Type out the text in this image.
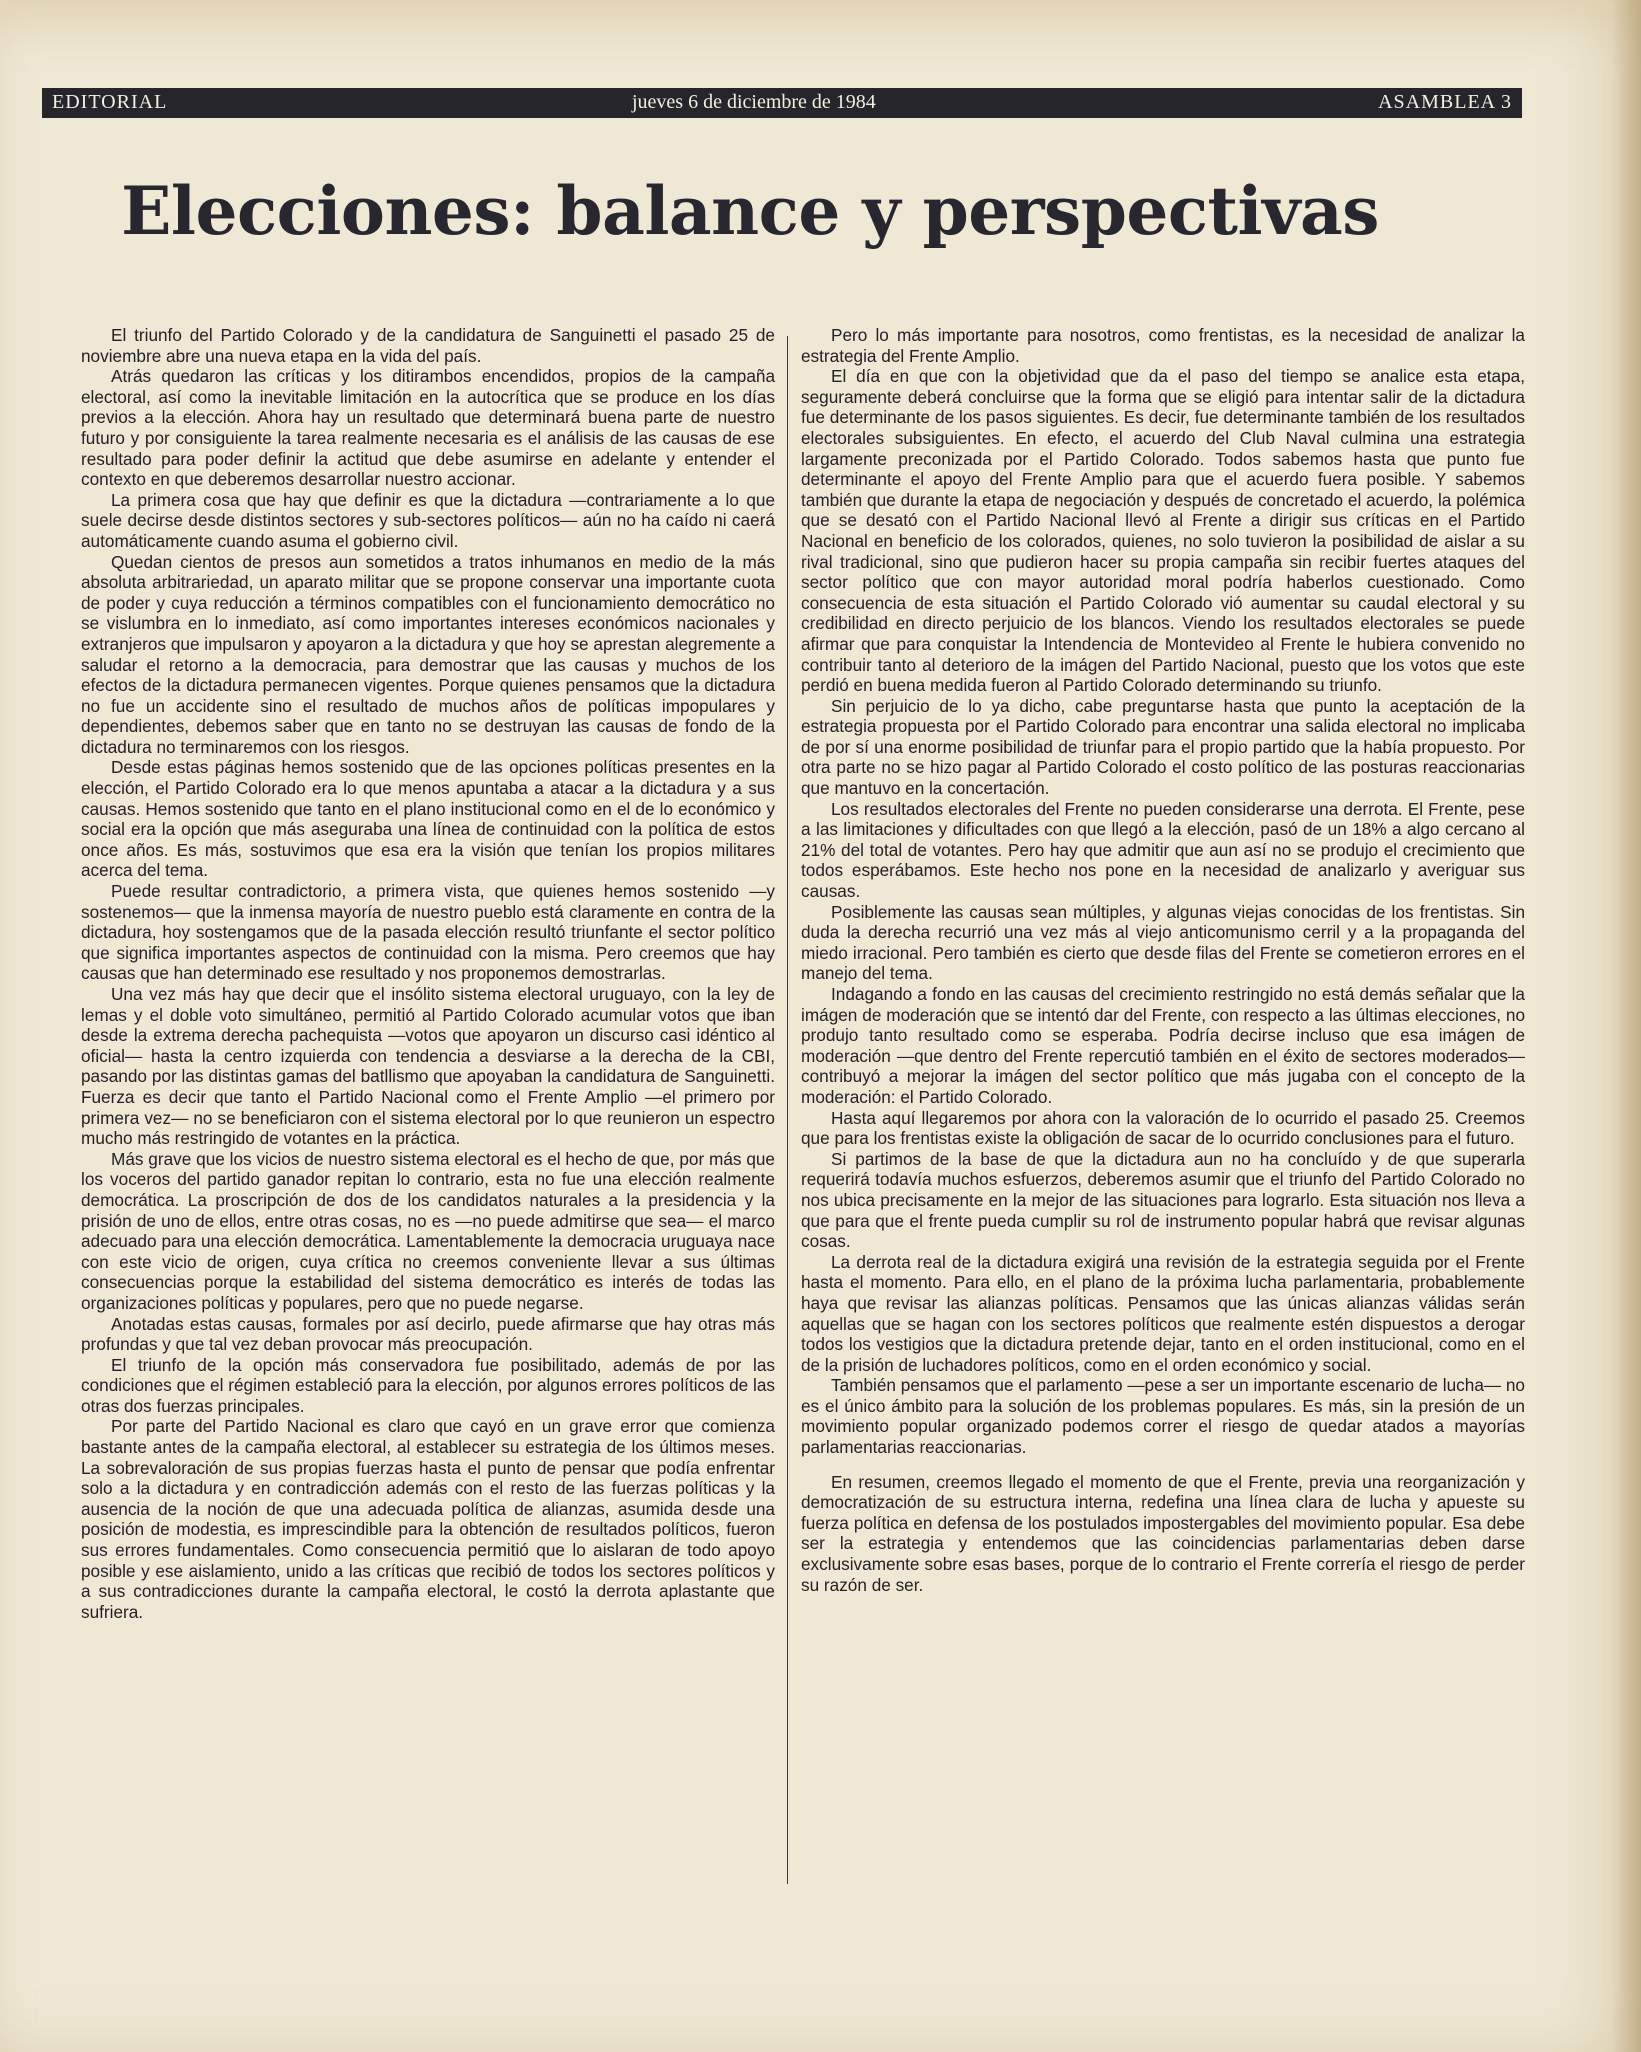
EDITORIAL	jueves 6 de diciembre de 1984	ASAMBLEA 3
Elecciones: balance y perspectivas

El triunfo del Partido Colorado y de la candidatura de Sanguinetti el pasado 25 de noviembre abre una nueva etapa en la vida del país.

Atrás quedaron las críticas y los ditirambos encendidos, propios de la campaña electoral, así como la inevitable limitación en la autocrítica que se produce en los días previos a la elección. Ahora hay un resultado que determinará buena parte de nuestro futuro y por consiguiente la tarea realmente necesaria es el análisis de las causas de ese resultado para poder definir la actitud que debe asumirse en adelante y entender el contexto en que deberemos desarrollar nuestro accionar.

La primera cosa que hay que definir es que la dictadura —contrariamente a lo que suele decirse desde distintos sectores y sub-sectores políticos— aún no ha caído ni caerá automáticamente cuando asuma el gobierno civil.

Quedan cientos de presos aun sometidos a tratos inhumanos en medio de la más absoluta arbitrariedad, un aparato militar que se propone conservar una importante cuota de poder y cuya reducción a términos compatibles con el funcionamiento democrático no se vislumbra en lo inmediato, así como importantes intereses económicos nacionales y extranjeros que impulsaron y apoyaron a la dictadura y que hoy se aprestan alegremente a saludar el retorno a la democracia, para demostrar que las causas y muchos de los efectos de la dictadura permanecen vigentes. Porque quienes pensamos que la dictadura no fue un accidente sino el resultado de muchos años de políticas impopulares y dependientes, debemos saber que en tanto no se destruyan las causas de fondo de la dictadura no terminaremos con los riesgos.

Desde estas páginas hemos sostenido que de las opciones políticas presentes en la elección, el Partido Colorado era lo que menos apuntaba a atacar a la dictadura y a sus causas. Hemos sostenido que tanto en el plano institucional como en el de lo económico y social era la opción que más aseguraba una línea de continuidad con la política de estos once años. Es más, sostuvimos que esa era la visión que tenían los propios militares acerca del tema.

Puede resultar contradictorio, a primera vista, que quienes hemos sostenido —y sostenemos— que la inmensa mayoría de nuestro pueblo está claramente en contra de la dictadura, hoy sostengamos que de la pasada elección resultó triunfante el sector político que significa importantes aspectos de continuidad con la misma. Pero creemos que hay causas que han determinado ese resultado y nos proponemos demostrarlas.

Una vez más hay que decir que el insólito sistema electoral uruguayo, con la ley de lemas y el doble voto simultáneo, permitió al Partido Colorado acumular votos que iban desde la extrema derecha pachequista —votos que apoyaron un discurso casi idéntico al oficial— hasta la centro izquierda con tendencia a desviarse a la derecha de la CBI, pasando por las distintas gamas del batllismo que apoyaban la candidatura de Sanguinetti. Fuerza es decir que tanto el Partido Nacional como el Frente Amplio —el primero por primera vez— no se beneficiaron con el sistema electoral por lo que reunieron un espectro mucho más restringido de votantes en la práctica.

Más grave que los vicios de nuestro sistema electoral es el hecho de que, por más que los voceros del partido ganador repitan lo contrario, esta no fue una elección realmente democrática. La proscripción de dos de los candidatos naturales a la presidencia y la prisión de uno de ellos, entre otras cosas, no es —no puede admitirse que sea— el marco adecuado para una elección democrática. Lamentablemente la democracia uruguaya nace con este vicio de origen, cuya crítica no creemos conveniente llevar a sus últimas consecuencias porque la estabilidad del sistema democrático es interés de todas las organizaciones políticas y populares, pero que no puede negarse.

Anotadas estas causas, formales por así decirlo, puede afirmarse que hay otras más profundas y que tal vez deban provocar más preocupación.

El triunfo de la opción más conservadora fue posibilitado, además de por las condiciones que el régimen estableció para la elección, por algunos errores políticos de las otras dos fuerzas principales.

Por parte del Partido Nacional es claro que cayó en un grave error que comienza bastante antes de la campaña electoral, al establecer su estrategia de los últimos meses. La sobrevaloración de sus propias fuerzas hasta el punto de pensar que podía enfrentar solo a la dictadura y en contradicción además con el resto de las fuerzas políticas y la ausencia de la noción de que una adecuada política de alianzas, asumida desde una posición de modestia, es imprescindible para la obtención de resultados políticos, fueron sus errores fundamentales. Como consecuencia permitió que lo aislaran de todo apoyo posible y ese aislamiento, unido a las críticas que recibió de todos los sectores políticos y a sus contradicciones durante la campaña electoral, le costó la derrota aplastante que sufriera.

Pero lo más importante para nosotros, como frentistas, es la necesidad de analizar la estrategia del Frente Amplio.

El día en que con la objetividad que da el paso del tiempo se analice esta etapa, seguramente deberá concluirse que la forma que se eligió para intentar salir de la dictadura fue determinante de los pasos siguientes. Es decir, fue determinante también de los resultados electorales subsiguientes. En efecto, el acuerdo del Club Naval culmina una estrategia largamente preconizada por el Partido Colorado. Todos sabemos hasta que punto fue determinante el apoyo del Frente Amplio para que el acuerdo fuera posible. Y sabemos también que durante la etapa de negociación y después de concretado el acuerdo, la polémica que se desató con el Partido Nacional llevó al Frente a dirigir sus críticas en el Partido Nacional en beneficio de los colorados, quienes, no solo tuvieron la posibilidad de aislar a su rival tradicional, sino que pudieron hacer su propia campaña sin recibir fuertes ataques del sector político que con mayor autoridad moral podría haberlos cuestionado. Como consecuencia de esta situación el Partido Colorado vió aumentar su caudal electoral y su credibilidad en directo perjuicio de los blancos. Viendo los resultados electorales se puede afirmar que para conquistar la Intendencia de Montevideo al Frente le hubiera convenido no contribuir tanto al deterioro de la imágen del Partido Nacional, puesto que los votos que este perdió en buena medida fueron al Partido Colorado determinando su triunfo.

Sin perjuicio de lo ya dicho, cabe preguntarse hasta que punto la aceptación de la estrategia propuesta por el Partido Colorado para encontrar una salida electoral no implicaba de por sí una enorme posibilidad de triunfar para el propio partido que la había propuesto. Por otra parte no se hizo pagar al Partido Colorado el costo político de las posturas reaccionarias que mantuvo en la concertación.

Los resultados electorales del Frente no pueden considerarse una derrota. El Frente, pese a las limitaciones y dificultades con que llegó a la elección, pasó de un 18% a algo cercano al 21% del total de votantes. Pero hay que admitir que aun así no se produjo el crecimiento que todos esperábamos. Este hecho nos pone en la necesidad de analizarlo y averiguar sus causas.

Posiblemente las causas sean múltiples, y algunas viejas conocidas de los frentistas. Sin duda la derecha recurrió una vez más al viejo anticomunismo cerril y a la propaganda del miedo irracional. Pero también es cierto que desde filas del Frente se cometieron errores en el manejo del tema.

Indagando a fondo en las causas del crecimiento restringido no está demás señalar que la imágen de moderación que se intentó dar del Frente, con respecto a las últimas elecciones, no produjo tanto resultado como se esperaba. Podría decirse incluso que esa imágen de moderación —que dentro del Frente repercutió también en el éxito de sectores moderados— contribuyó a mejorar la imágen del sector político que más jugaba con el concepto de la moderación: el Partido Colorado.

Hasta aquí llegaremos por ahora con la valoración de lo ocurrido el pasado 25. Creemos que para los frentistas existe la obligación de sacar de lo ocurrido conclusiones para el futuro.

Si partimos de la base de que la dictadura aun no ha concluído y de que superarla requerirá todavía muchos esfuerzos, deberemos asumir que el triunfo del Partido Colorado no nos ubica precisamente en la mejor de las situaciones para lograrlo. Esta situación nos lleva a que para que el frente pueda cumplir su rol de instrumento popular habrá que revisar algunas cosas.

La derrota real de la dictadura exigirá una revisión de la estrategia seguida por el Frente hasta el momento. Para ello, en el plano de la próxima lucha parlamentaria, probablemente haya que revisar las alianzas políticas. Pensamos que las únicas alianzas válidas serán aquellas que se hagan con los sectores políticos que realmente estén dispuestos a derogar todos los vestigios que la dictadura pretende dejar, tanto en el orden institucional, como en el de la prisión de luchadores políticos, como en el orden económico y social.

También pensamos que el parlamento —pese a ser un importante escenario de lucha— no es el único ámbito para la solución de los problemas populares. Es más, sin la presión de un movimiento popular organizado podemos correr el riesgo de quedar atados a mayorías parlamentarias reaccionarias.

En resumen, creemos llegado el momento de que el Frente, previa una reorganización y democratización de su estructura interna, redefina una línea clara de lucha y apueste su fuerza política en defensa de los postulados impostergables del movimiento popular. Esa debe ser la estrategia y entendemos que las coincidencias parlamentarias deben darse exclusivamente sobre esas bases, porque de lo contrario el Frente correría el riesgo de perder su razón de ser.
